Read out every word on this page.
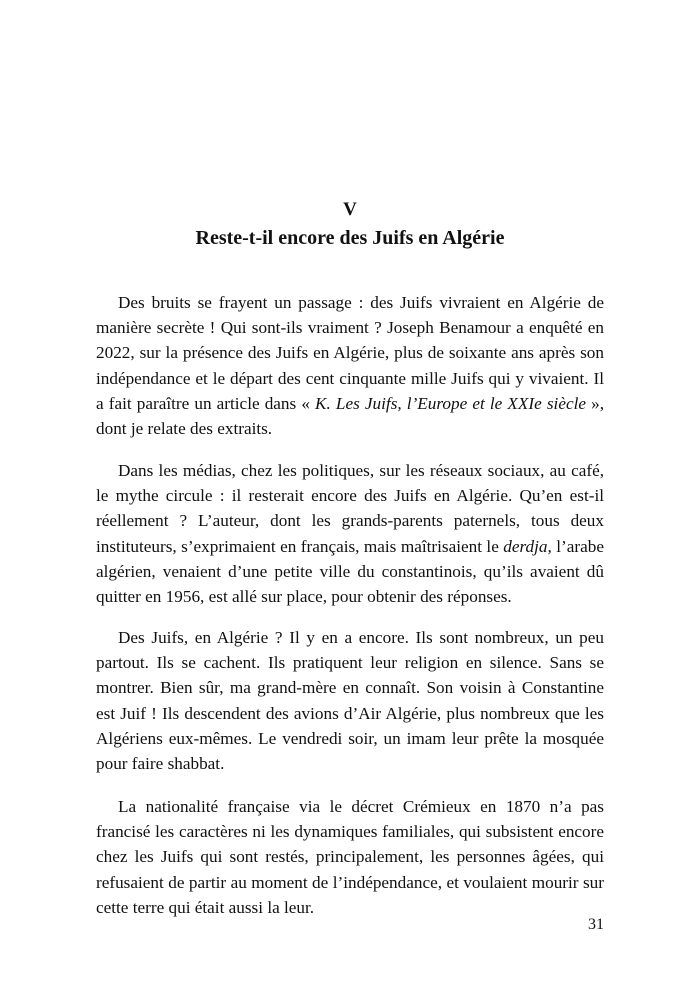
V
Reste-t-il encore des Juifs en Algérie

Des bruits se frayent un passage : des Juifs vivraient en Algérie de manière secrète ! Qui sont-ils vraiment ? Joseph Benamour a enquêté en 2022, sur la présence des Juifs en Algérie, plus de soixante ans après son indépendance et le départ des cent cinquante mille Juifs qui y vivaient. Il a fait paraître un article dans « K. Les Juifs, l’Europe et le XXIe siècle », dont je relate des extraits.

Dans les médias, chez les politiques, sur les réseaux sociaux, au café, le mythe circule : il resterait encore des Juifs en Algérie. Qu’en est-il réellement ? L’auteur, dont les grands-parents paternels, tous deux instituteurs, s’exprimaient en français, mais maîtrisaient le derdja, l’arabe algérien, venaient d’une petite ville du constantinois, qu’ils avaient dû quitter en 1956, est allé sur place, pour obtenir des réponses.

Des Juifs, en Algérie ? Il y en a encore. Ils sont nombreux, un peu partout. Ils se cachent. Ils pratiquent leur religion en silence. Sans se montrer. Bien sûr, ma grand-mère en connaît. Son voisin à Constantine est Juif ! Ils descendent des avions d’Air Algérie, plus nombreux que les Algériens eux-mêmes. Le vendredi soir, un imam leur prête la mosquée pour faire shabbat.

La nationalité française via le décret Crémieux en 1870 n’a pas francisé les caractères ni les dynamiques familiales, qui subsistent encore chez les Juifs qui sont restés, principalement, les personnes âgées, qui refusaient de partir au moment de l’indépendance, et voulaient mourir sur cette terre qui était aussi la leur.

31
